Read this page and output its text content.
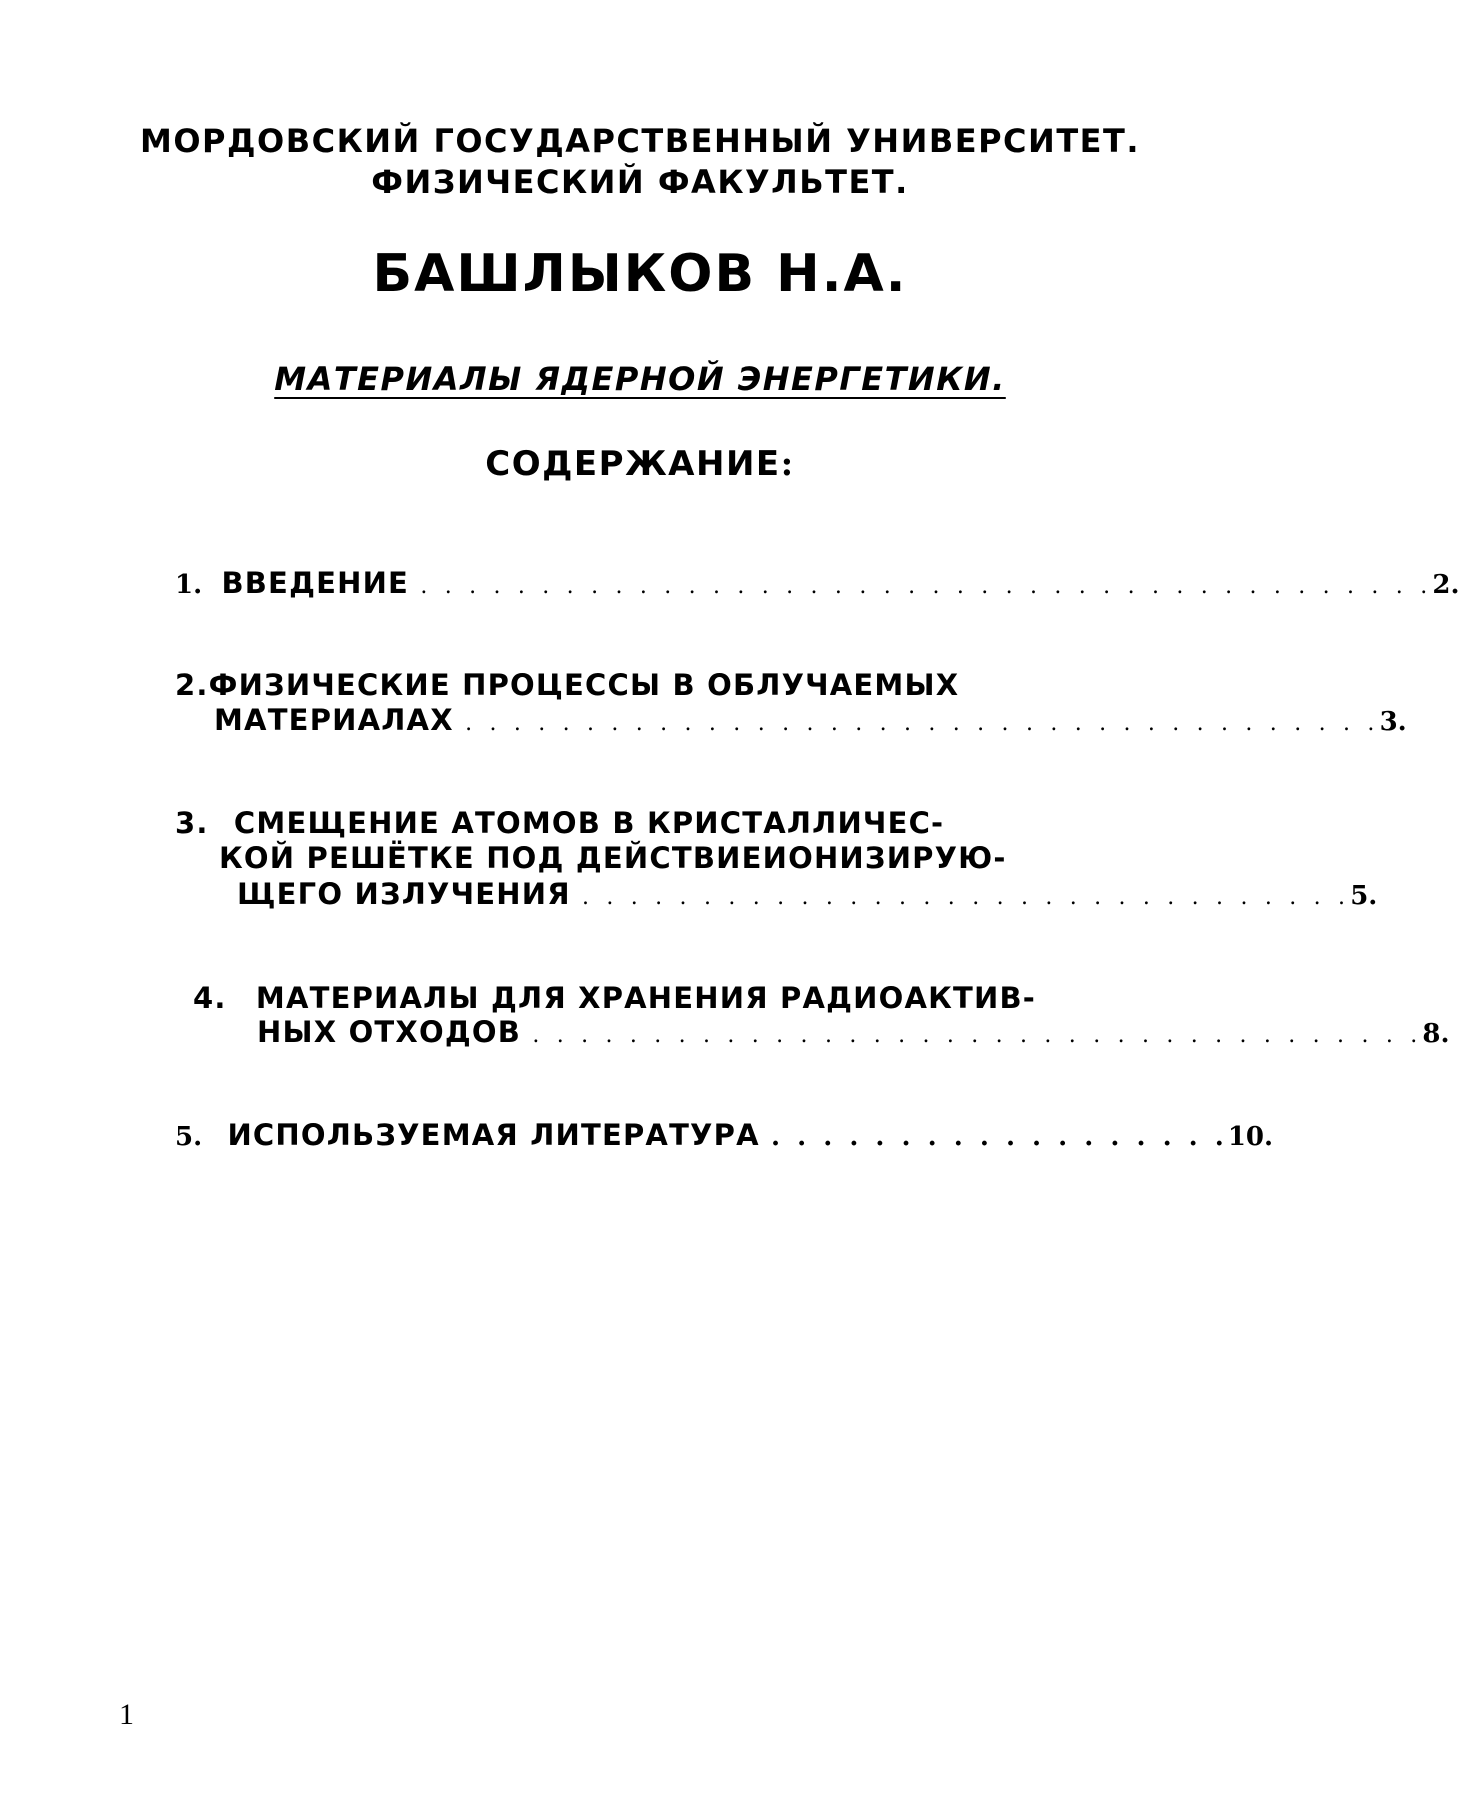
МОРДОВСКИЙ ГОСУДАРСТВЕННЫЙ УНИВЕРСИТЕТ.
ФИЗИЧЕСКИЙ ФАКУЛЬТЕТ.
БАШЛЫКОВ Н.А.
МАТЕРИАЛЫ ЯДЕРНОЙ ЭНЕРГЕТИКИ.
СОДЕРЖАНИЕ:
1. ВВЕДЕНИЕ . . . . . . . . . . . . . . . . . . . . . . . . . . . . . . . . . . . . . . . . . .2.
2.ФИЗИЧЕСКИЕ ПРОЦЕССЫ В ОБЛУЧАЕМЫХ
МАТЕРИАЛАХ . . . . . . . . . . . . . . . . . . . . . . . . . . . . . . . . . . . . . .3.
3. СМЕЩЕНИЕ АТОМОВ В КРИСТАЛЛИЧЕС-
КОЙ РЕШЁТКЕ ПОД ДЕЙСТВИЕИОНИЗИРУЮ-
ЩЕГО ИЗЛУЧЕНИЯ . . . . . . . . . . . . . . . . . . . . . . . . . . . . . . . .5.
4. МАТЕРИАЛЫ ДЛЯ ХРАНЕНИЯ РАДИОАКТИВ-
НЫХ ОТХОДОВ . . . . . . . . . . . . . . . . . . . . . . . . . . . . . . . . . . . . .8.
5. ИСПОЛЬЗУЕМАЯ ЛИТЕРАТУРА . . . . . . . . . . . . . . . . . .10.
1
